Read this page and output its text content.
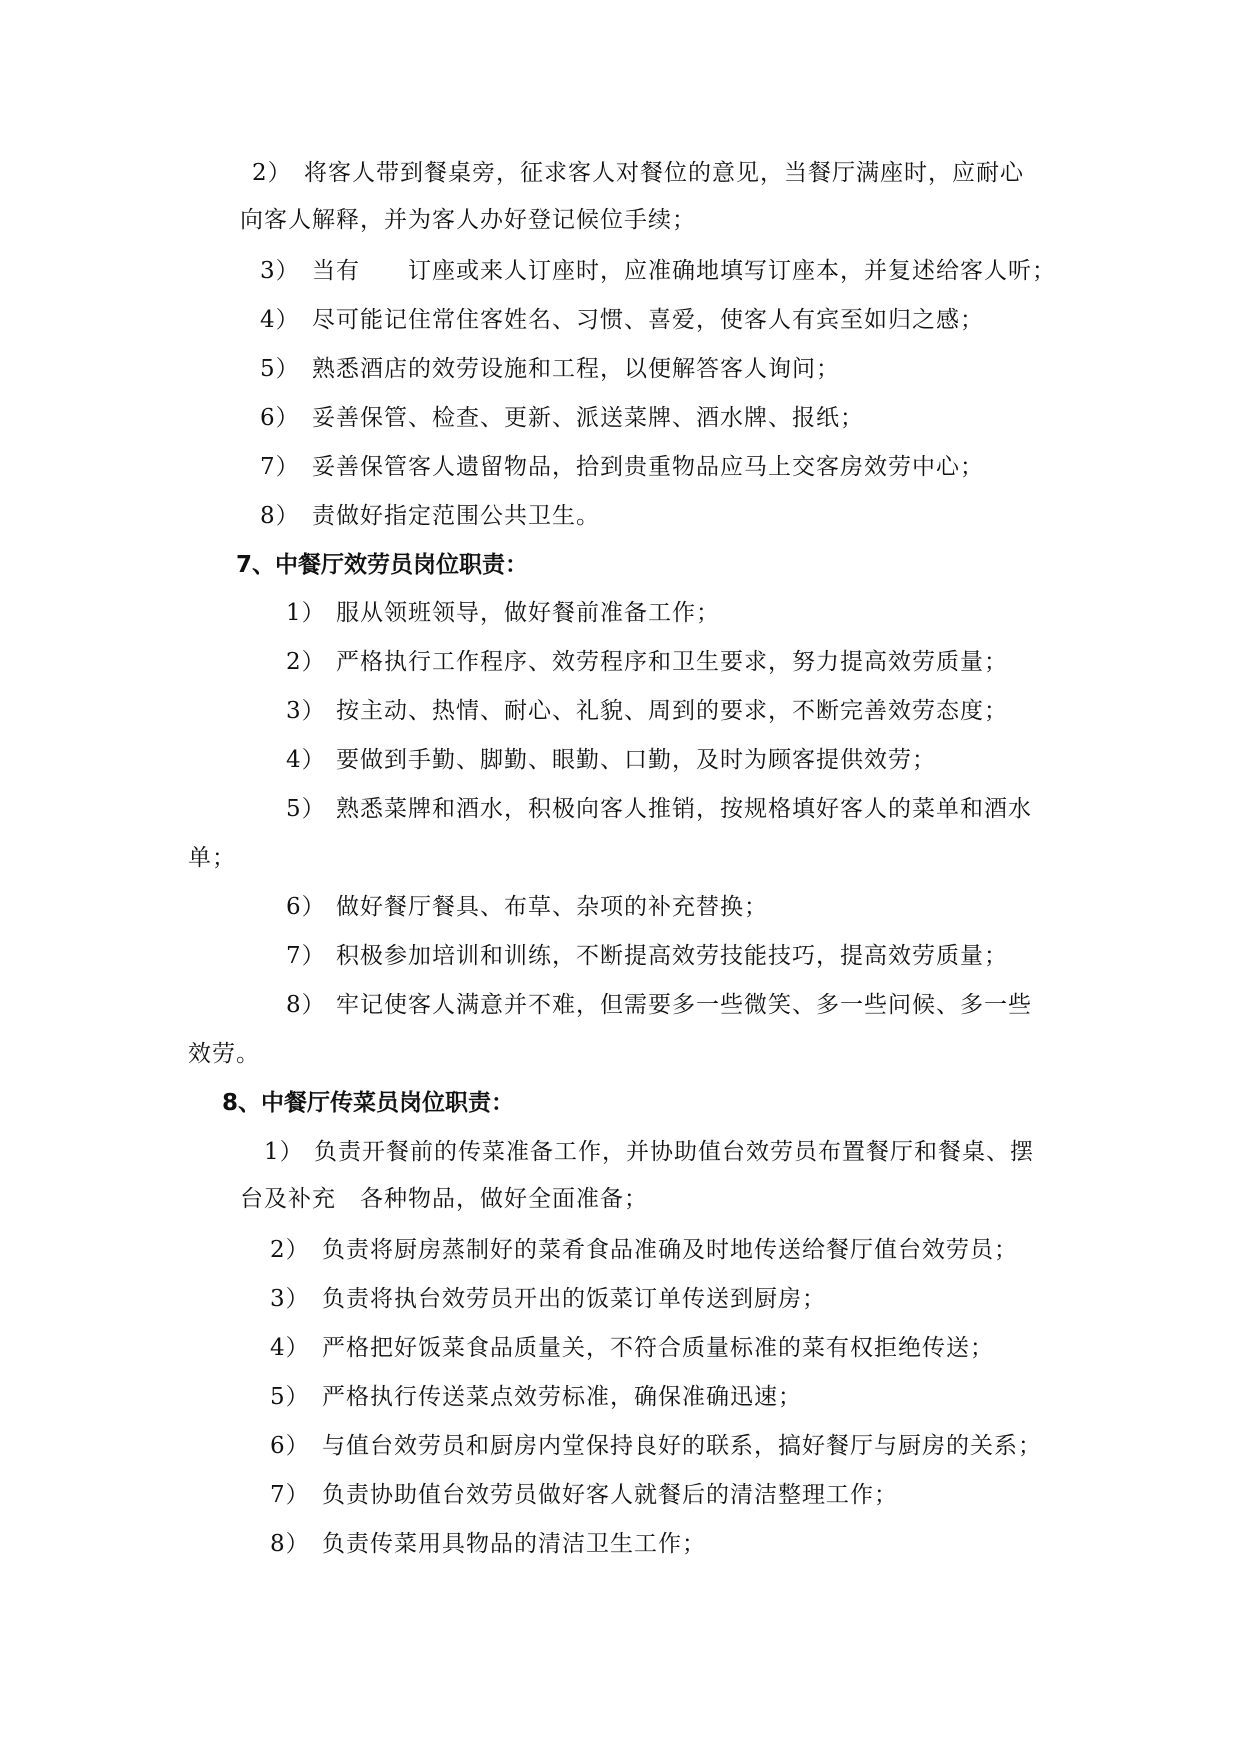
2） 将客人带到餐桌旁，征求客人对餐位的意见，当餐厅满座时，应耐心
向客人解释，并为客人办好登记候位手续；
3） 当有　　订座或来人订座时，应准确地填写订座本，并复述给客人听；
4） 尽可能记住常住客姓名、习惯、喜爱，使客人有宾至如归之感；
5） 熟悉酒店的效劳设施和工程，以便解答客人询问；
6） 妥善保管、检查、更新、派送菜牌、酒水牌、报纸；
7） 妥善保管客人遗留物品，拾到贵重物品应马上交客房效劳中心；
8） 责做好指定范围公共卫生。
7、中餐厅效劳员岗位职责：
1） 服从领班领导，做好餐前准备工作；
2） 严格执行工作程序、效劳程序和卫生要求，努力提高效劳质量；
3） 按主动、热情、耐心、礼貌、周到的要求，不断完善效劳态度；
4） 要做到手勤、脚勤、眼勤、口勤，及时为顾客提供效劳；
5） 熟悉菜牌和酒水，积极向客人推销，按规格填好客人的菜单和酒水
单；
6） 做好餐厅餐具、布草、杂项的补充替换；
7） 积极参加培训和训练，不断提高效劳技能技巧，提高效劳质量；
8） 牢记使客人满意并不难，但需要多一些微笑、多一些问候、多一些
效劳。
8、中餐厅传菜员岗位职责：
1） 负责开餐前的传菜准备工作，并协助值台效劳员布置餐厅和餐桌、摆
台及补充　各种物品，做好全面准备；
2） 负责将厨房蒸制好的菜肴食品准确及时地传送给餐厅值台效劳员；
3） 负责将执台效劳员开出的饭菜订单传送到厨房；
4） 严格把好饭菜食品质量关，不符合质量标准的菜有权拒绝传送；
5） 严格执行传送菜点效劳标准，确保准确迅速；
6） 与值台效劳员和厨房内堂保持良好的联系，搞好餐厅与厨房的关系；
7） 负责协助值台效劳员做好客人就餐后的清洁整理工作；
8） 负责传菜用具物品的清洁卫生工作；
